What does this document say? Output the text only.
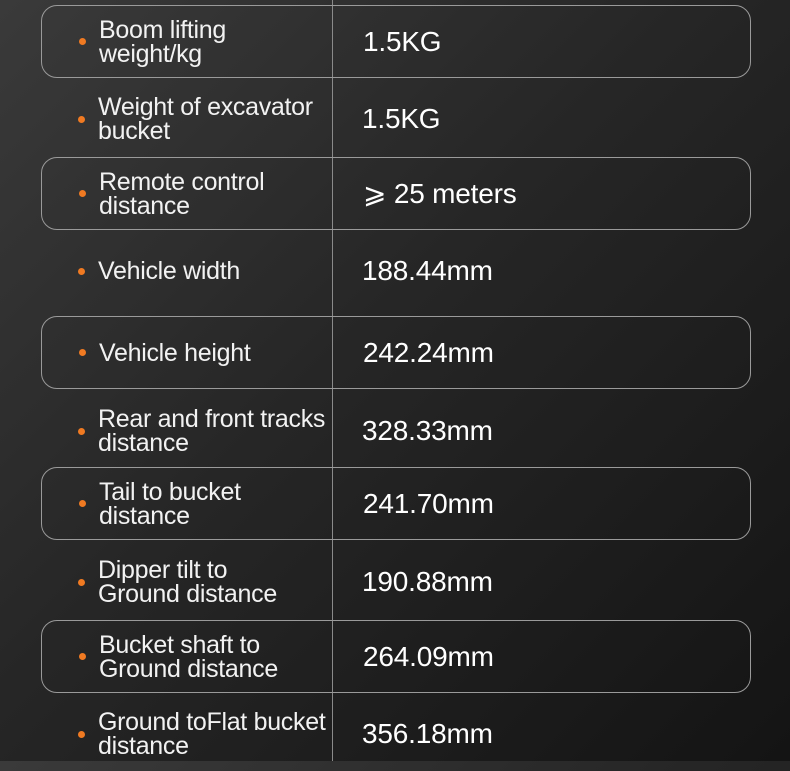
Boom lifting weight/kg	1.5KG
Weight of excavator bucket	1.5KG
Remote control distance	⩾ 25 meters
Vehicle width	188.44mm
Vehicle height	242.24mm
Rear and front tracks distance	328.33mm
Tail to bucket distance	241.70mm
Dipper tilt to Ground distance	190.88mm
Bucket shaft to Ground distance	264.09mm
Ground toFlat bucket distance	356.18mm
